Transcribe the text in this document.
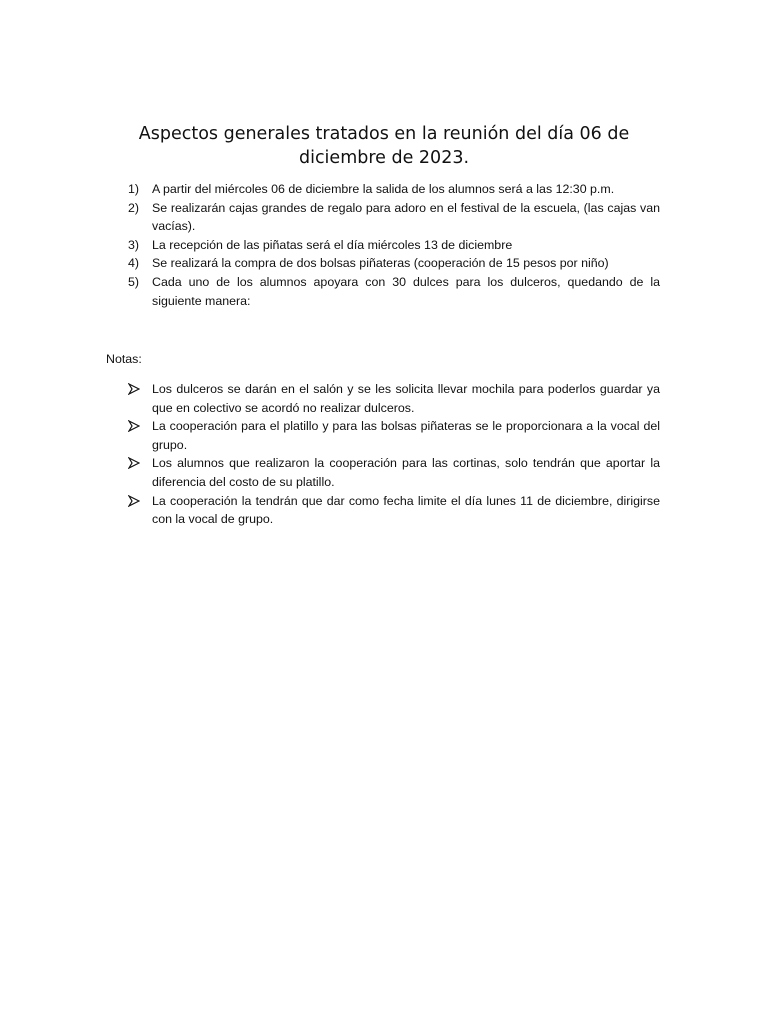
Aspectos generales tratados en la reunión del día 06 de diciembre de 2023.
1)	A partir del miércoles 06 de diciembre la salida de los alumnos será a las 12:30 p.m.
2)	Se realizarán cajas grandes de regalo para adoro en el festival de la escuela, (las cajas van vacías).
3)	La recepción de las piñatas será el día miércoles 13 de diciembre
4)	Se realizará la compra de dos bolsas piñateras (cooperación de 15 pesos por niño)
5)	Cada uno de los alumnos apoyara con 30 dulces para los dulceros, quedando de la siguiente manera:

Notas:

Los dulceros se darán en el salón y se les solicita llevar mochila para poderlos guardar ya que en colectivo se acordó no realizar dulceros.
La cooperación para el platillo y para las bolsas piñateras se le proporcionara a la vocal del grupo.
Los alumnos que realizaron la cooperación para las cortinas, solo tendrán que aportar la diferencia del costo de su platillo.
La cooperación la tendrán que dar como fecha limite el día lunes 11 de diciembre, dirigirse con la vocal de grupo.
